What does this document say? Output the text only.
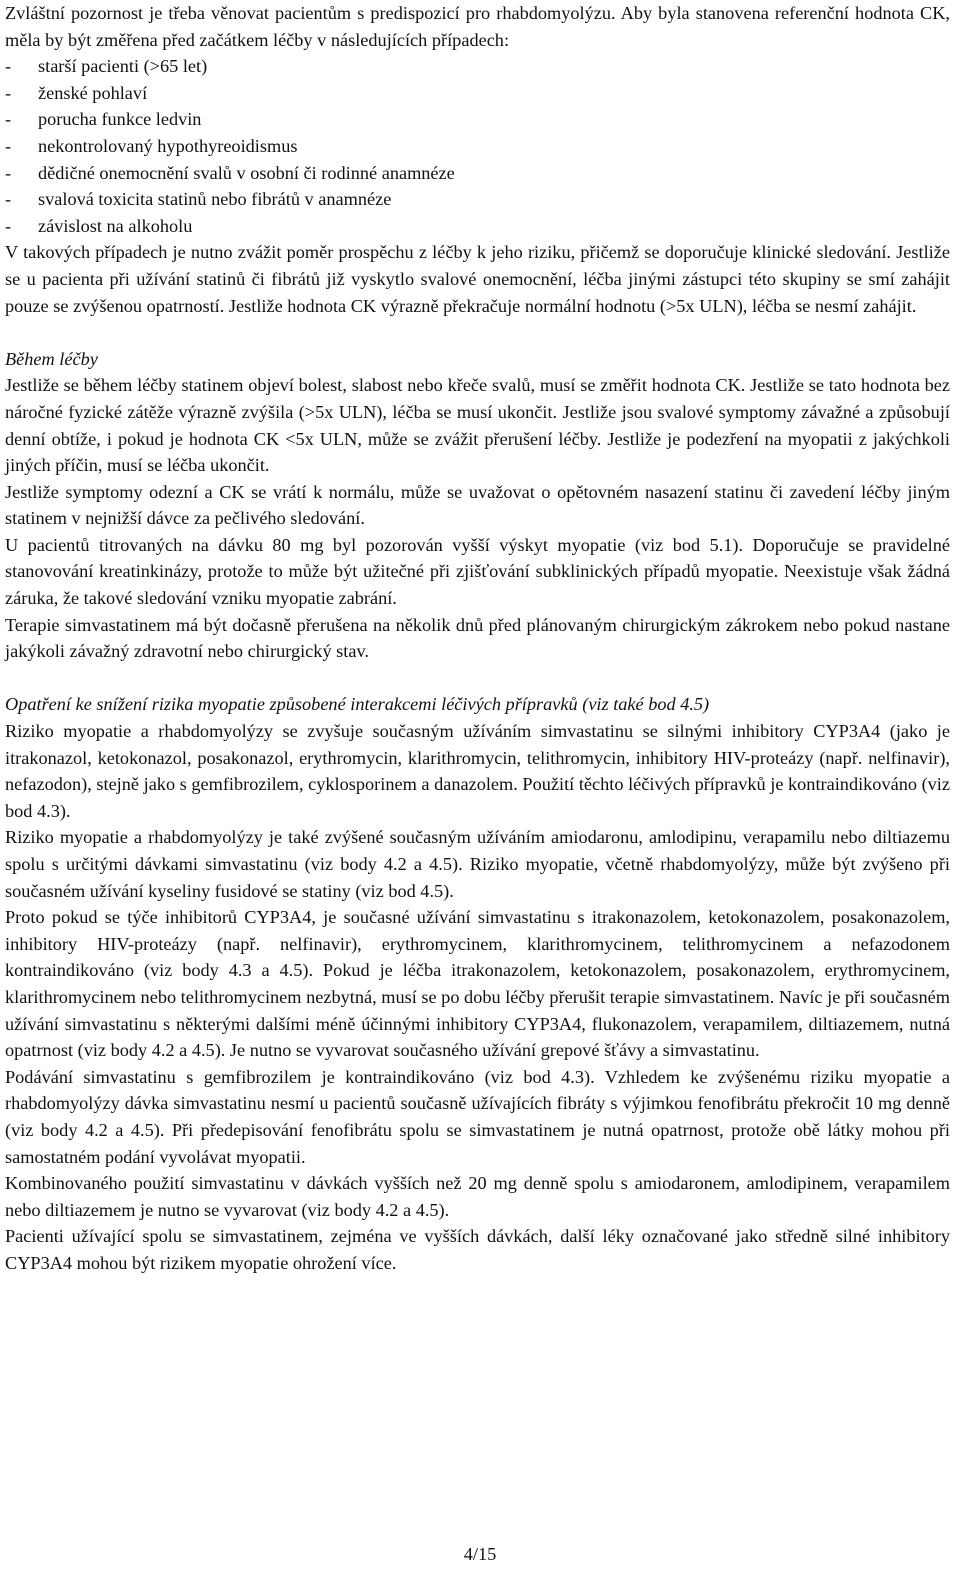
Zvláštní pozornost je třeba věnovat pacientům s predispozicí pro rhabdomyolýzu. Aby byla stanovena referenční hodnota CK, měla by být změřena před začátkem léčby v následujících případech:

-	starší pacienti (>65 let)
-	ženské pohlaví
-	porucha funkce ledvin
-	nekontrolovaný hypothyreoidismus
-	dědičné onemocnění svalů v osobní či rodinné anamnéze
-	svalová toxicita statinů nebo fibrátů v anamnéze
-	závislost na alkoholu

V takových případech je nutno zvážit poměr prospěchu z léčby k jeho riziku, přičemž se doporučuje klinické sledování. Jestliže se u pacienta při užívání statinů či fibrátů již vyskytlo svalové onemocnění, léčba jinými zástupci této skupiny se smí zahájit pouze se zvýšenou opatrností. Jestliže hodnota CK výrazně překračuje normální hodnotu (>5x ULN), léčba se nesmí zahájit.

Během léčby

Jestliže se během léčby statinem objeví bolest, slabost nebo křeče svalů, musí se změřit hodnota CK. Jestliže se tato hodnota bez náročné fyzické zátěže výrazně zvýšila (>5x ULN), léčba se musí ukončit. Jestliže jsou svalové symptomy závažné a způsobují denní obtíže, i pokud je hodnota CK <5x ULN, může se zvážit přerušení léčby. Jestliže je podezření na myopatii z jakýchkoli jiných příčin, musí se léčba ukončit.

Jestliže symptomy odezní a CK se vrátí k normálu, může se uvažovat o opětovném nasazení statinu či zavedení léčby jiným statinem v nejnižší dávce za pečlivého sledování.

U pacientů titrovaných na dávku 80 mg byl pozorován vyšší výskyt myopatie (viz bod 5.1). Doporučuje se pravidelné stanovování kreatinkinázy, protože to může být užitečné při zjišťování subklinických případů myopatie. Neexistuje však žádná záruka, že takové sledování vzniku myopatie zabrání.

Terapie simvastatinem má být dočasně přerušena na několik dnů před plánovaným chirurgickým zákrokem nebo pokud nastane jakýkoli závažný zdravotní nebo chirurgický stav.

Opatření ke snížení rizika myopatie způsobené interakcemi léčivých přípravků (viz také bod 4.5)

Riziko myopatie a rhabdomyolýzy se zvyšuje současným užíváním simvastatinu se silnými inhibitory CYP3A4 (jako je itrakonazol, ketokonazol, posakonazol, erythromycin, klarithromycin, telithromycin, inhibitory HIV-proteázy (např. nelfinavir), nefazodon), stejně jako s gemfibrozilem, cyklosporinem a danazolem. Použití těchto léčivých přípravků je kontraindikováno (viz bod 4.3).

Riziko myopatie a rhabdomyolýzy je také zvýšené současným užíváním amiodaronu, amlodipinu, verapamilu nebo diltiazemu spolu s určitými dávkami simvastatinu (viz body 4.2 a 4.5). Riziko myopatie, včetně rhabdomyolýzy, může být zvýšeno při současném užívání kyseliny fusidové se statiny (viz bod 4.5).

Proto pokud se týče inhibitorů CYP3A4, je současné užívání simvastatinu s itrakonazolem, ketokonazolem, posakonazolem, inhibitory HIV-proteázy (např. nelfinavir), erythromycinem, klarithromycinem, telithromycinem a nefazodonem kontraindikováno (viz body 4.3 a 4.5). Pokud je léčba itrakonazolem, ketokonazolem, posakonazolem, erythromycinem, klarithromycinem nebo telithromycinem nezbytná, musí se po dobu léčby přerušit terapie simvastatinem. Navíc je při současném užívání simvastatinu s některými dalšími méně účinnými inhibitory CYP3A4, flukonazolem, verapamilem, diltiazemem, nutná opatrnost (viz body 4.2 a 4.5). Je nutno se vyvarovat současného užívání grepové šťávy a simvastatinu.

Podávání simvastatinu s gemfibrozilem je kontraindikováno (viz bod 4.3). Vzhledem ke zvýšenému riziku myopatie a rhabdomyolýzy dávka simvastatinu nesmí u pacientů současně užívajících fibráty s výjimkou fenofibrátu překročit 10 mg denně (viz body 4.2 a 4.5). Při předepisování fenofibrátu spolu se simvastatinem je nutná opatrnost, protože obě látky mohou při samostatném podání vyvolávat myopatii.

Kombinovaného použití simvastatinu v dávkách vyšších než 20 mg denně spolu s amiodaronem, amlodipinem, verapamilem nebo diltiazemem je nutno se vyvarovat (viz body 4.2 a 4.5).

Pacienti užívající spolu se simvastatinem, zejména ve vyšších dávkách, další léky označované jako středně silné inhibitory CYP3A4 mohou být rizikem myopatie ohrožení více.

4/15
